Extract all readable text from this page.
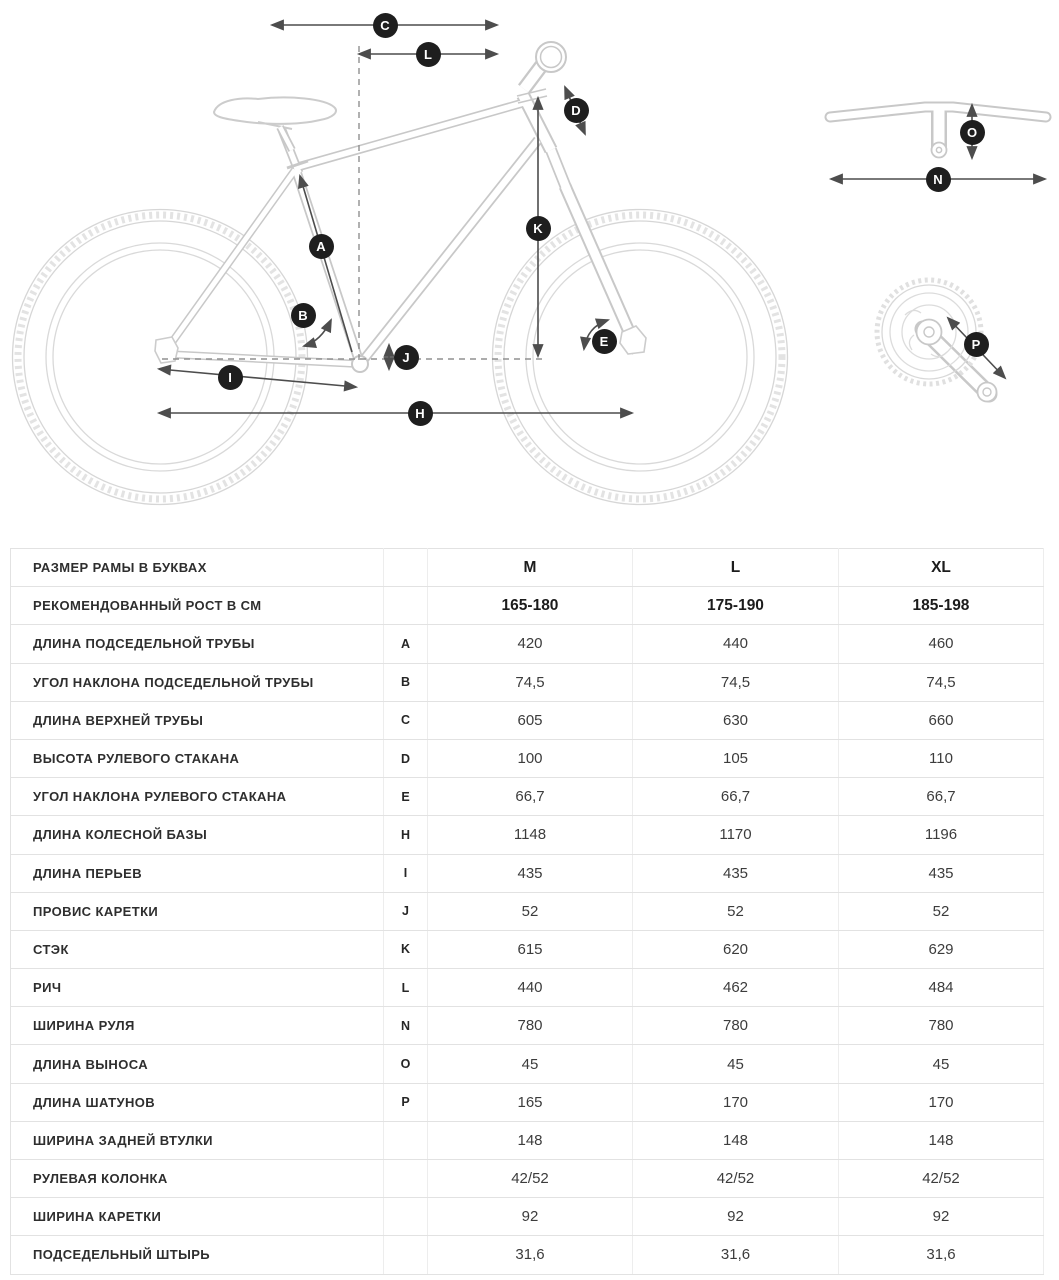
A
B
C
D
E
H
I
J
K
L
N
O
P
РАЗМЕР РАМЫ В БУКВАХ		M	L	XL
РЕКОМЕНДОВАННЫЙ РОСТ В СМ		165-180	175-190	185-198
ДЛИНА ПОДСЕДЕЛЬНОЙ ТРУБЫ	A	420	440	460
УГОЛ НАКЛОНА ПОДСЕДЕЛЬНОЙ ТРУБЫ	B	74,5	74,5	74,5
ДЛИНА ВЕРХНЕЙ ТРУБЫ	C	605	630	660
ВЫСОТА РУЛЕВОГО СТАКАНА	D	100	105	110
УГОЛ НАКЛОНА РУЛЕВОГО СТАКАНА	E	66,7	66,7	66,7
ДЛИНА КОЛЕСНОЙ БАЗЫ	H	1148	1170	1196
ДЛИНА ПЕРЬЕВ	I	435	435	435
ПРОВИС КАРЕТКИ	J	52	52	52
СТЭК	K	615	620	629
РИЧ	L	440	462	484
ШИРИНА РУЛЯ	N	780	780	780
ДЛИНА ВЫНОСА	O	45	45	45
ДЛИНА ШАТУНОВ	P	165	170	170
ШИРИНА ЗАДНЕЙ ВТУЛКИ		148	148	148
РУЛЕВАЯ КОЛОНКА		42/52	42/52	42/52
ШИРИНА КАРЕТКИ		92	92	92
ПОДСЕДЕЛЬНЫЙ ШТЫРЬ		31,6	31,6	31,6
